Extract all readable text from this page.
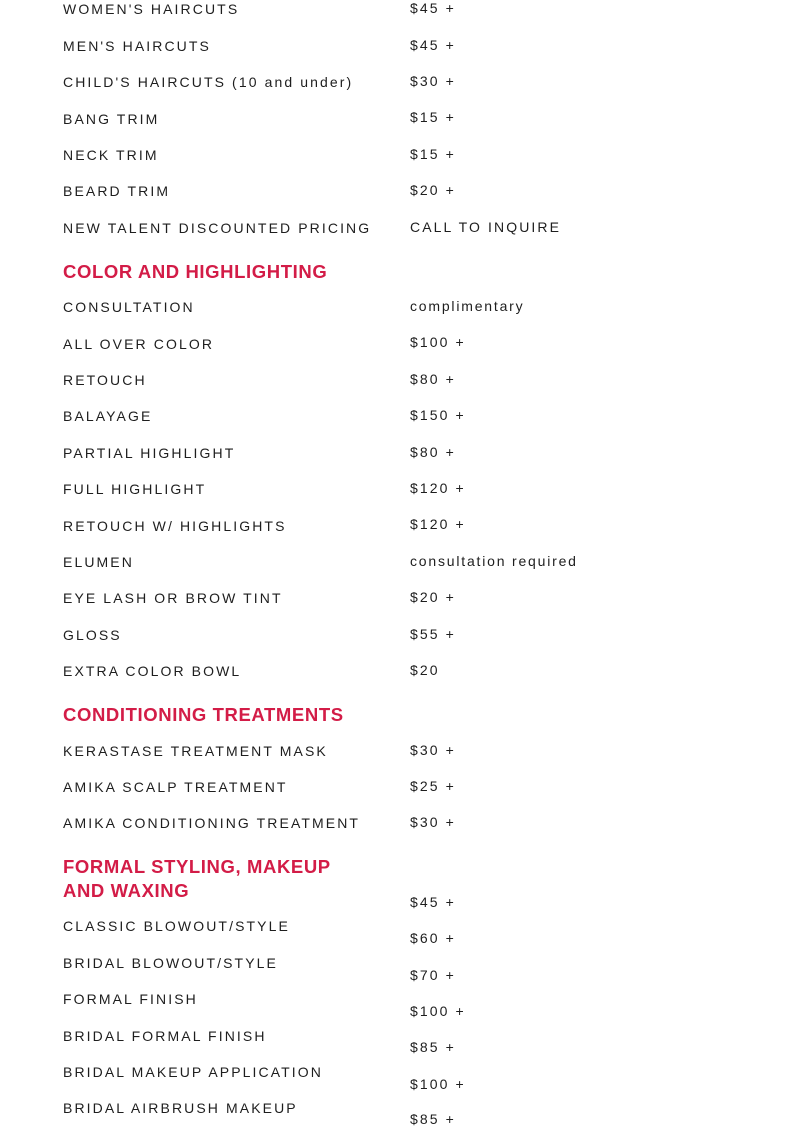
WOMEN'S HAIRCUTS
MEN'S HAIRCUTS
CHILD'S HAIRCUTS (10 and under)
BANG TRIM
NECK TRIM
BEARD TRIM
NEW TALENT DISCOUNTED PRICING
COLOR AND HIGHLIGHTING
CONSULTATION
ALL OVER COLOR
RETOUCH
BALAYAGE
PARTIAL HIGHLIGHT
FULL HIGHLIGHT
RETOUCH W/ HIGHLIGHTS
ELUMEN
EYE LASH OR BROW TINT
GLOSS
EXTRA COLOR BOWL
CONDITIONING TREATMENTS
KERASTASE TREATMENT MASK
AMIKA SCALP TREATMENT
AMIKA CONDITIONING TREATMENT
FORMAL STYLING, MAKEUP AND WAXING
CLASSIC BLOWOUT/STYLE
BRIDAL BLOWOUT/STYLE
FORMAL FINISH
BRIDAL FORMAL FINISH
BRIDAL MAKEUP APPLICATION
BRIDAL AIRBRUSH MAKEUP
$45 +
$45 +
$30 +
$15 +
$15 +
$20 +
CALL TO INQUIRE
complimentary
$100 +
$80 +
$150 +
$80 +
$120 +
$120 +
consultation required
$20 +
$55 +
$20
$30 +
$25 +
$30 +
$45 +
$60 +
$70 +
$100 +
$85 +
$100 +
$85 +
